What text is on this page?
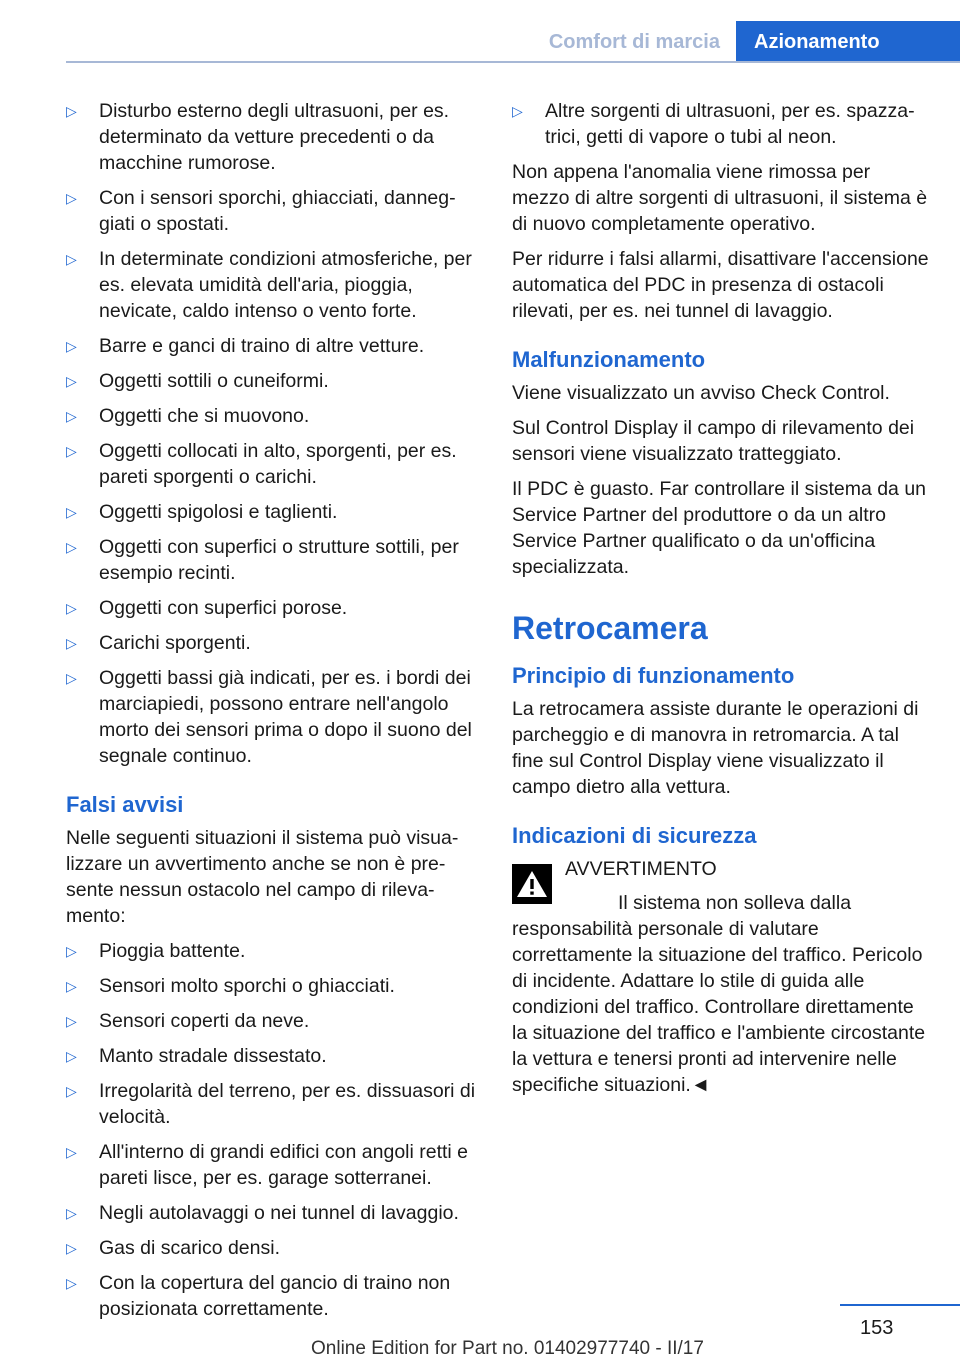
Comfort di marcia	Azionamento
▷ Disturbo esterno degli ultrasuoni, per es. determinato da vetture precedenti o da macchine rumorose.
▷ Con i sensori sporchi, ghiacciati, danneggiati o spostati.
▷ In determinate condizioni atmosferiche, per es. elevata umidità dell'aria, pioggia, nevicate, caldo intenso o vento forte.
▷ Barre e ganci di traino di altre vetture.
▷ Oggetti sottili o cuneiformi.
▷ Oggetti che si muovono.
▷ Oggetti collocati in alto, sporgenti, per es. pareti sporgenti o carichi.
▷ Oggetti spigolosi e taglienti.
▷ Oggetti con superfici o strutture sottili, per esempio recinti.
▷ Oggetti con superfici porose.
▷ Carichi sporgenti.
▷ Oggetti bassi già indicati, per es. i bordi dei marciapiedi, possono entrare nell'angolo morto dei sensori prima o dopo il suono del segnale continuo.
Falsi avvisi

Nelle seguenti situazioni il sistema può visualizzare un avvertimento anche se non è presente nessun ostacolo nel campo di rilevamento:

▷ Pioggia battente.
▷ Sensori molto sporchi o ghiacciati.
▷ Sensori coperti da neve.
▷ Manto stradale dissestato.
▷ Irregolarità del terreno, per es. dissuasori di velocità.
▷ All'interno di grandi edifici con angoli retti e pareti lisce, per es. garage sotterranei.
▷ Negli autolavaggi o nei tunnel di lavaggio.
▷ Gas di scarico densi.
▷ Con la copertura del gancio di traino non posizionata correttamente.
▷ Altre sorgenti di ultrasuoni, per es. spazzatrici, getti di vapore o tubi al neon.

Non appena l'anomalia viene rimossa per mezzo di altre sorgenti di ultrasuoni, il sistema è di nuovo completamente operativo.

Per ridurre i falsi allarmi, disattivare l'accensione automatica del PDC in presenza di ostacoli rilevati, per es. nei tunnel di lavaggio.

Malfunzionamento

Viene visualizzato un avviso Check Control.

Sul Control Display il campo di rilevamento dei sensori viene visualizzato tratteggiato.

Il PDC è guasto. Far controllare il sistema da un Service Partner del produttore o da un altro Service Partner qualificato o da un'officina specializzata.

Retrocamera
Principio di funzionamento

La retrocamera assiste durante le operazioni di parcheggio e di manovra in retromarcia. A tal fine sul Control Display viene visualizzato il campo dietro alla vettura.

Indicazioni di sicurezza
AVVERTIMENTO
Il sistema non solleva dalla responsabilità personale di valutare correttamente la situazione del traffico. Pericolo di incidente. Adattare lo stile di guida alle condizioni del traffico. Controllare direttamente la situazione del traffico e l'ambiente circostante la vettura e tenersi pronti ad intervenire nelle specifiche situazioni.◄
153
Online Edition for Part no. 01402977740 - II/17
